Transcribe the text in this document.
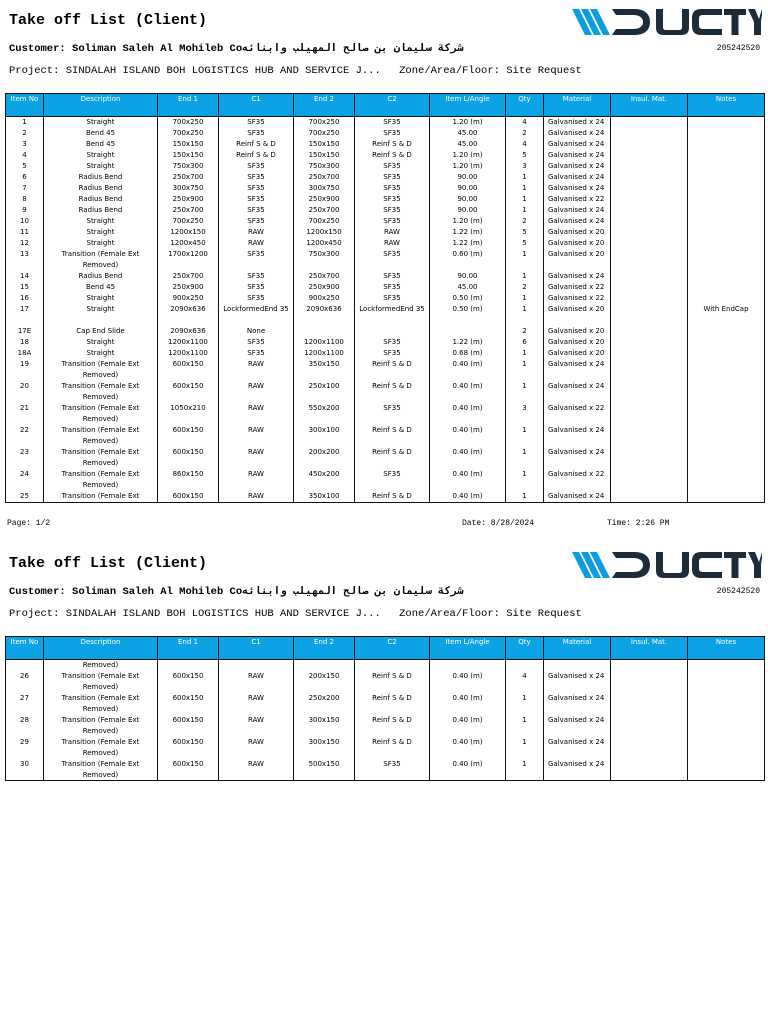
Take off List (Client)
Customer: Soliman Saleh Al Mohileb Coشركة سليمان بن صالح المهيلب وابنائه	205242520
Project: SINDALAH ISLAND BOH LOGISTICS HUB AND SERVICE J... Zone/Area/Floor: Site Request
Item No	Description	End 1	C1	End 2	C2	Item L/Angle	Qty	Material	Insul. Mat.	Notes
1	Straight	700x250	SF35	700x250	SF35	1.20 (m)	4	Galvanised x 24		
2	Bend 45	700x250	SF35	700x250	SF35	45.00	2	Galvanised x 24		
3	Bend 45	150x150	Reinf S & D	150x150	Reinf S & D	45.00	4	Galvanised x 24		
4	Straight	150x150	Reinf S & D	150x150	Reinf S & D	1.20 (m)	5	Galvanised x 24		
5	Straight	750x300	SF35	750x300	SF35	1.20 (m)	3	Galvanised x 24		
6	Radius Bend	250x700	SF35	250x700	SF35	90.00	1	Galvanised x 24		
7	Radius Bend	300x750	SF35	300x750	SF35	90.00	1	Galvanised x 24		
8	Radius Bend	250x900	SF35	250x900	SF35	90.00	1	Galvanised x 22		
9	Radius Bend	250x700	SF35	250x700	SF35	90.00	1	Galvanised x 24		
10	Straight	700x250	SF35	700x250	SF35	1.20 (m)	2	Galvanised x 24		
11	Straight	1200x150	RAW	1200x150	RAW	1.22 (m)	5	Galvanised x 20		
12	Straight	1200x450	RAW	1200x450	RAW	1.22 (m)	5	Galvanised x 20		
13	Transition (Female Ext Removed)	1700x1200	SF35	750x300	SF35	0.60 (m)	1	Galvanised x 20		
14	Radius Bend	250x700	SF35	250x700	SF35	90.00	1	Galvanised x 24		
15	Bend 45	250x900	SF35	250x900	SF35	45.00	2	Galvanised x 22		
16	Straight	900x250	SF35	900x250	SF35	0.50 (m)	1	Galvanised x 22		
17	Straight	2090x636	LockformedEnd 35	2090x636	LockformedEnd 35	0.50 (m)	1	Galvanised x 20		With EndCap
17E	Cap End Slide	2090x636	None				2	Galvanised x 20		
18	Straight	1200x1100	SF35	1200x1100	SF35	1.22 (m)	6	Galvanised x 20		
18A	Straight	1200x1100	SF35	1200x1100	SF35	0.68 (m)	1	Galvanised x 20		
19	Transition (Female Ext Removed)	600x150	RAW	350x150	Reinf S & D	0.40 (m)	1	Galvanised x 24		
20	Transition (Female Ext Removed)	600x150	RAW	250x100	Reinf S & D	0.40 (m)	1	Galvanised x 24		
21	Transition (Female Ext Removed)	1050x210	RAW	550x200	SF35	0.40 (m)	3	Galvanised x 22		
22	Transition (Female Ext Removed)	600x150	RAW	300x100	Reinf S & D	0.40 (m)	1	Galvanised x 24		
23	Transition (Female Ext Removed)	600x150	RAW	200x200	Reinf S & D	0.40 (m)	1	Galvanised x 24		
24	Transition (Female Ext Removed)	860x150	RAW	450x200	SF35	0.40 (m)	1	Galvanised x 22		
25	Transition (Female Ext	600x150	RAW	350x100	Reinf S & D	0.40 (m)	1	Galvanised x 24		
Page: 1/2	Date: 8/28/2024	Time: 2:26 PM
Take off List (Client)
Customer: Soliman Saleh Al Mohileb Coشركة سليمان بن صالح المهيلب وابنائه	205242520
Project: SINDALAH ISLAND BOH LOGISTICS HUB AND SERVICE J... Zone/Area/Floor: Site Request
Item No	Description	End 1	C1	End 2	C2	Item L/Angle	Qty	Material	Insul. Mat.	Notes
	Removed)									
26	Transition (Female Ext Removed)	600x150	RAW	200x150	Reinf S & D	0.40 (m)	4	Galvanised x 24		
27	Transition (Female Ext Removed)	600x150	RAW	250x200	Reinf S & D	0.40 (m)	1	Galvanised x 24		
28	Transition (Female Ext Removed)	600x150	RAW	300x150	Reinf S & D	0.40 (m)	1	Galvanised x 24		
29	Transition (Female Ext Removed)	600x150	RAW	300x150	Reinf S & D	0.40 (m)	1	Galvanised x 24		
30	Transition (Female Ext Removed)	600x150	RAW	500x150	SF35	0.40 (m)	1	Galvanised x 24		
